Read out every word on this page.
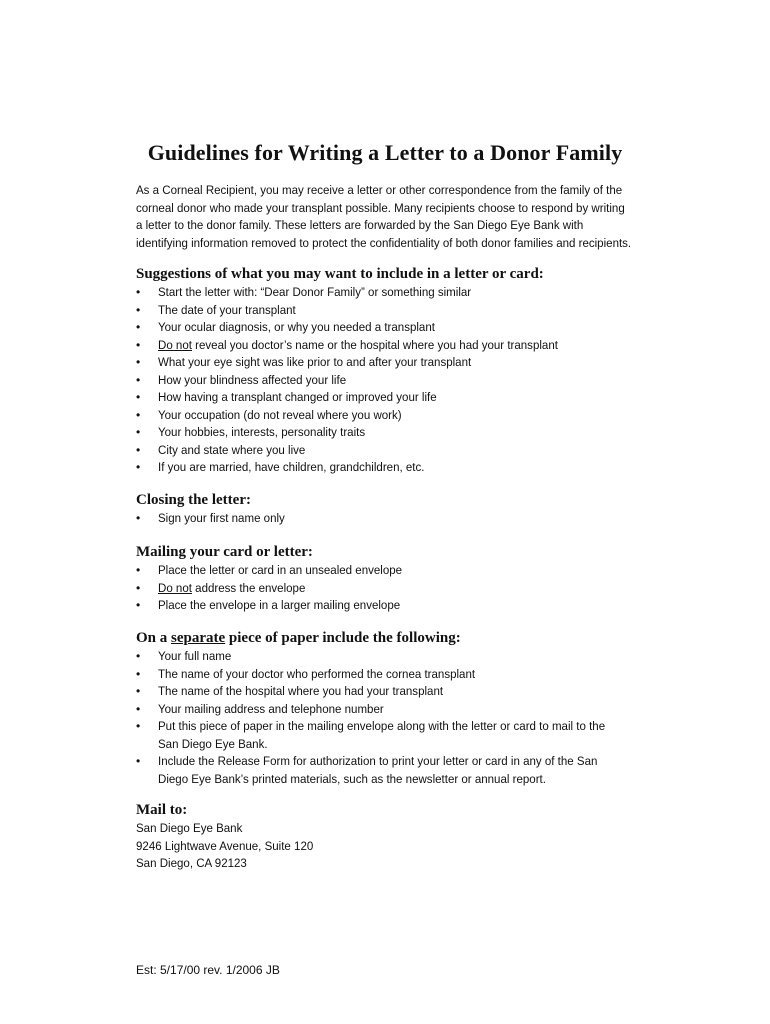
Guidelines for Writing a Letter to a Donor Family

As a Corneal Recipient, you may receive a letter or other correspondence from the family of the corneal donor who made your transplant possible. Many recipients choose to respond by writing a letter to the donor family. These letters are forwarded by the San Diego Eye Bank with identifying information removed to protect the confidentiality of both donor families and recipients.

Suggestions of what you may want to include in a letter or card:
• Start the letter with: “Dear Donor Family” or something similar
• The date of your transplant
• Your ocular diagnosis, or why you needed a transplant
• Do not reveal you doctor’s name or the hospital where you had your transplant
• What your eye sight was like prior to and after your transplant
• How your blindness affected your life
• How having a transplant changed or improved your life
• Your occupation (do not reveal where you work)
• Your hobbies, interests, personality traits
• City and state where you live
• If you are married, have children, grandchildren, etc.
Closing the letter:
• Sign your first name only
Mailing your card or letter:
• Place the letter or card in an unsealed envelope
• Do not address the envelope
• Place the envelope in a larger mailing envelope
On a separate piece of paper include the following:
• Your full name
• The name of your doctor who performed the cornea transplant
• The name of the hospital where you had your transplant
• Your mailing address and telephone number
• Put this piece of paper in the mailing envelope along with the letter or card to mail to the San Diego Eye Bank.
• Include the Release Form for authorization to print your letter or card in any of the San Diego Eye Bank’s printed materials, such as the newsletter or annual report.
Mail to:
San Diego Eye Bank
9246 Lightwave Avenue, Suite 120
San Diego, CA 92123

Est: 5/17/00 rev. 1/2006 JB
